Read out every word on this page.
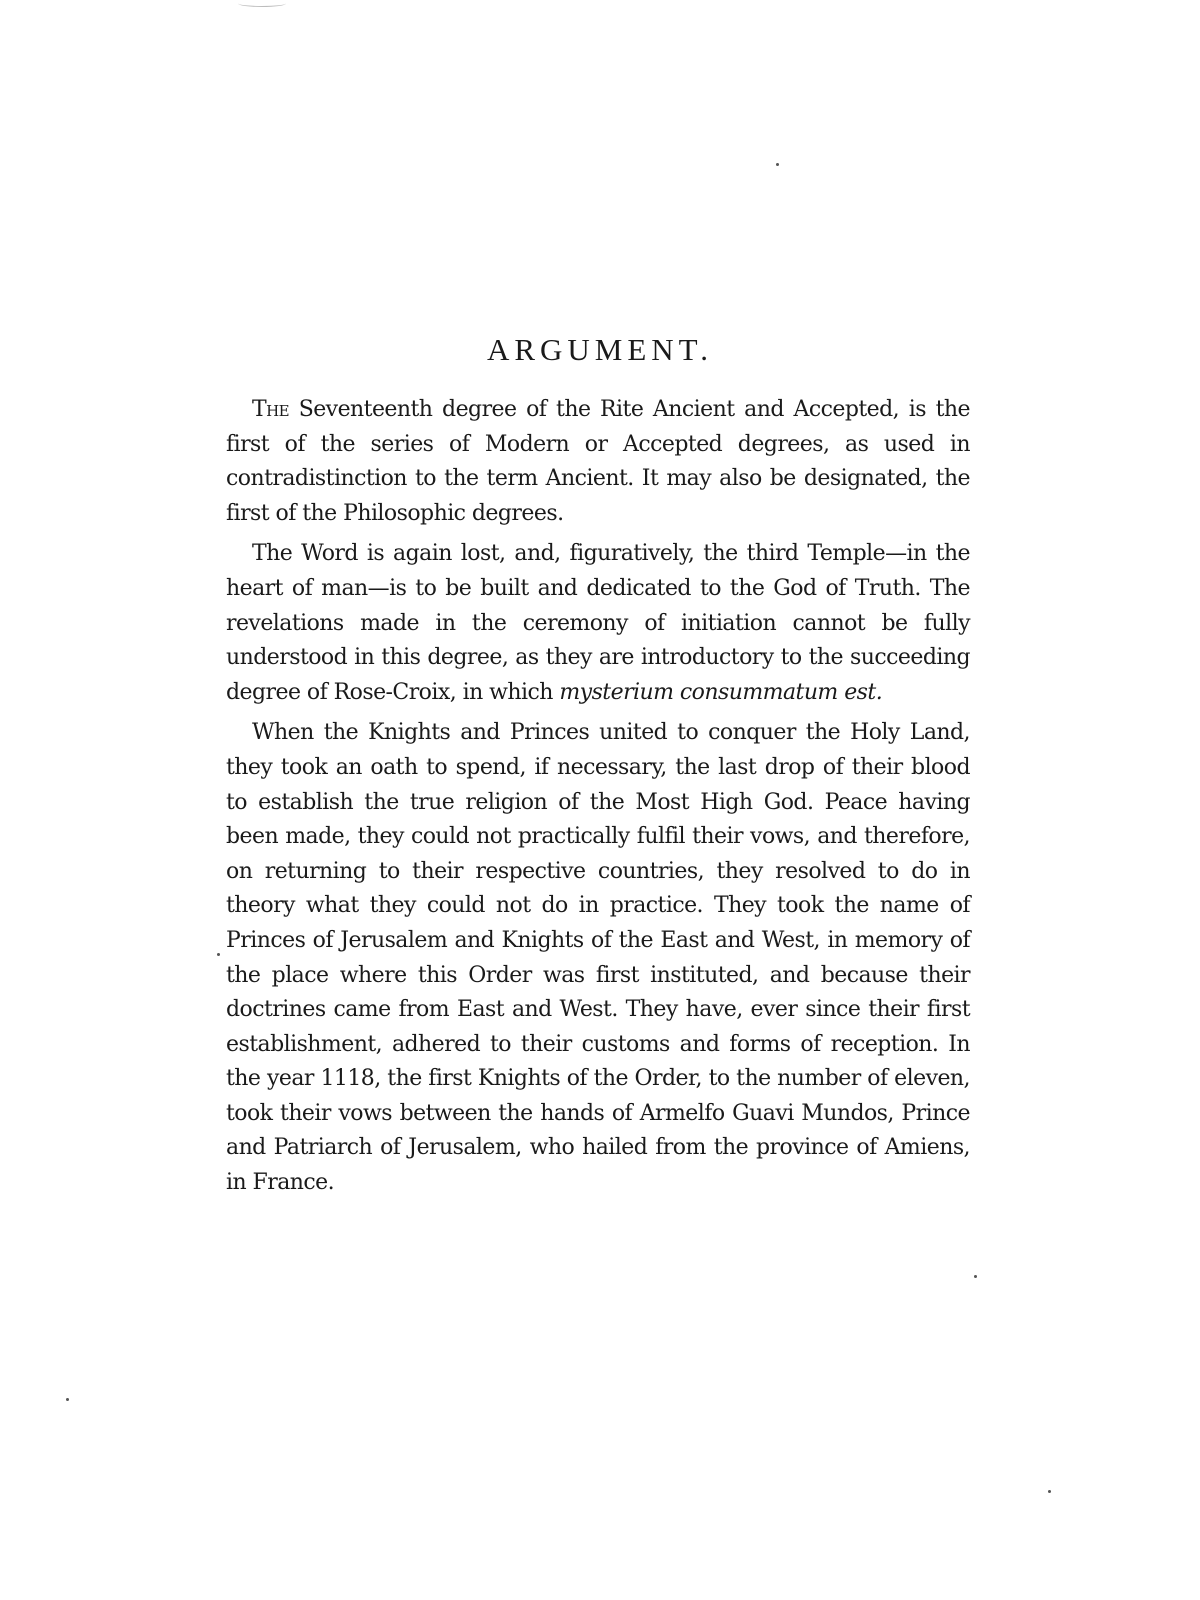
ARGUMENT.

The Seventeenth degree of the Rite Ancient and Accepted, is the first of the series of Modern or Accepted degrees, as used in contradistinction to the term Ancient. It may also be designated, the first of the Philosophic degrees.

The Word is again lost, and, figuratively, the third Temple—in the heart of man—is to be built and dedicated to the God of Truth. The revelations made in the ceremony of initiation cannot be fully understood in this degree, as they are introductory to the succeeding degree of Rose-Croix, in which mysterium consummatum est.

When the Knights and Princes united to conquer the Holy Land, they took an oath to spend, if necessary, the last drop of their blood to establish the true religion of the Most High God. Peace having been made, they could not practically fulfil their vows, and therefore, on returning to their respective countries, they resolved to do in theory what they could not do in practice. They took the name of Princes of Jerusalem and Knights of the East and West, in memory of the place where this Order was first instituted, and because their doctrines came from East and West. They have, ever since their first establishment, adhered to their customs and forms of reception. In the year 1118, the first Knights of the Order, to the number of eleven, took their vows between the hands of Armelfo Guavi Mundos, Prince and Patriarch of Jerusalem, who hailed from the province of Amiens, in France.
